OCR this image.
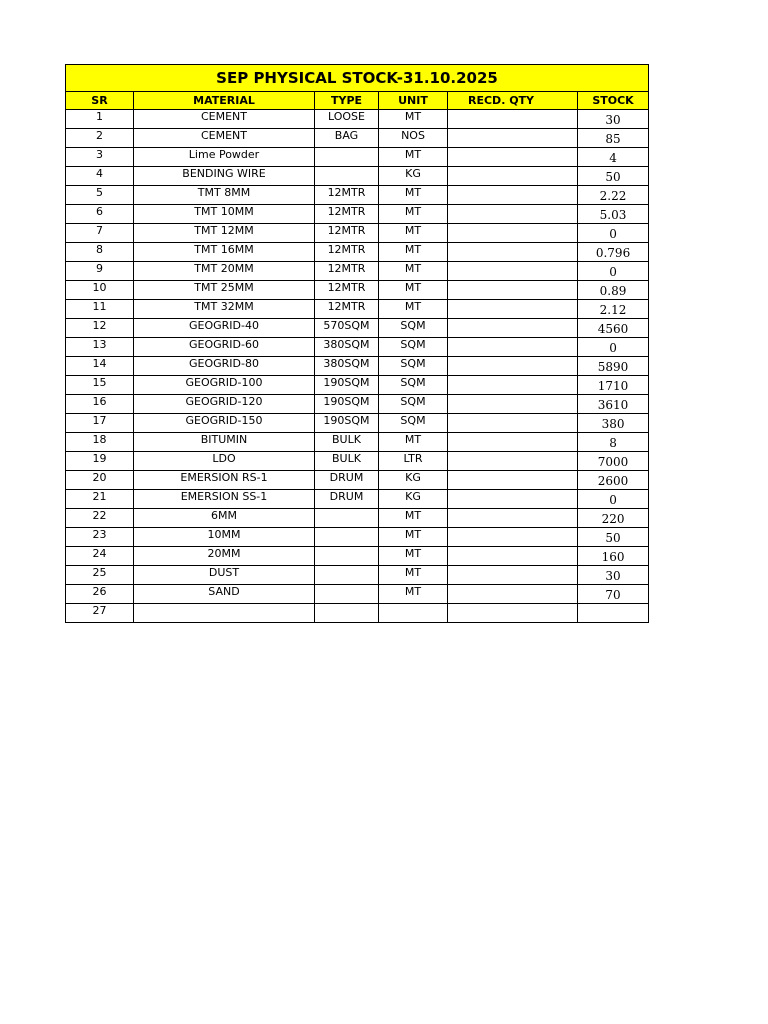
SEP PHYSICAL STOCK-31.10.2025					
SR	MATERIAL	TYPE	UNIT	RECD. QTY	STOCK
1	CEMENT	LOOSE	MT		30
2	CEMENT	BAG	NOS		85
3	Lime Powder		MT		4
4	BENDING WIRE		KG		50
5	TMT 8MM	12MTR	MT		2.22
6	TMT 10MM	12MTR	MT		5.03
7	TMT 12MM	12MTR	MT		0
8	TMT 16MM	12MTR	MT		0.796
9	TMT 20MM	12MTR	MT		0
10	TMT 25MM	12MTR	MT		0.89
11	TMT 32MM	12MTR	MT		2.12
12	GEOGRID-40	570SQM	SQM		4560
13	GEOGRID-60	380SQM	SQM		0
14	GEOGRID-80	380SQM	SQM		5890
15	GEOGRID-100	190SQM	SQM		1710
16	GEOGRID-120	190SQM	SQM		3610
17	GEOGRID-150	190SQM	SQM		380
18	BITUMIN	BULK	MT		8
19	LDO	BULK	LTR		7000
20	EMERSION RS-1	DRUM	KG		2600
21	EMERSION SS-1	DRUM	KG		0
22	6MM		MT		220
23	10MM		MT		50
24	20MM		MT		160
25	DUST		MT		30
26	SAND		MT		70
27					
